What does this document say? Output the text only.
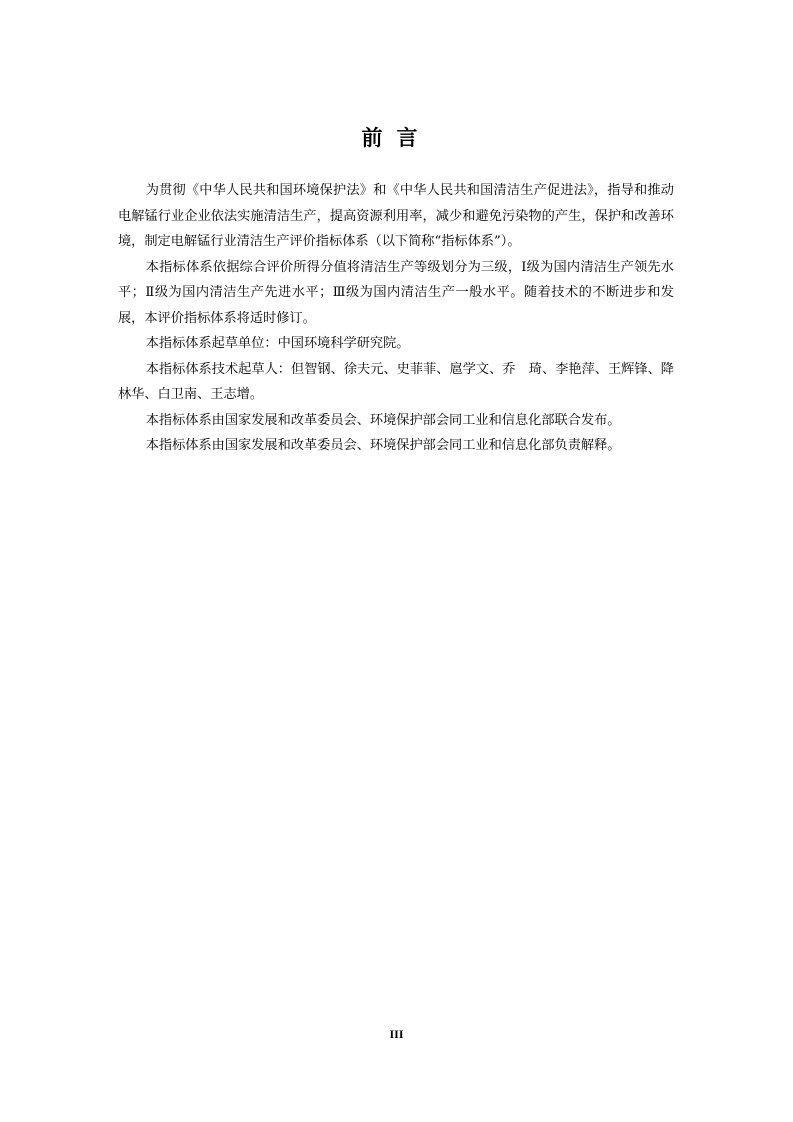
前言

为贯彻《中华人民共和国环境保护法》和《中华人民共和国清洁生产促进法》，指导和推动电解锰行业企业依法实施清洁生产，提高资源利用率，减少和避免污染物的产生，保护和改善环境，制定电解锰行业清洁生产评价指标体系（以下简称“指标体系”）。

本指标体系依据综合评价所得分值将清洁生产等级划分为三级，Ⅰ级为国内清洁生产领先水平；Ⅱ级为国内清洁生产先进水平；Ⅲ级为国内清洁生产一般水平。随着技术的不断进步和发展，本评价指标体系将适时修订。

本指标体系起草单位：中国环境科学研究院。

本指标体系技术起草人：但智钢、徐夫元、史菲菲、扈学文、乔　琦、李艳萍、王辉锋、降林华、白卫南、王志增。

本指标体系由国家发展和改革委员会、环境保护部会同工业和信息化部联合发布。

本指标体系由国家发展和改革委员会、环境保护部会同工业和信息化部负责解释。

III
